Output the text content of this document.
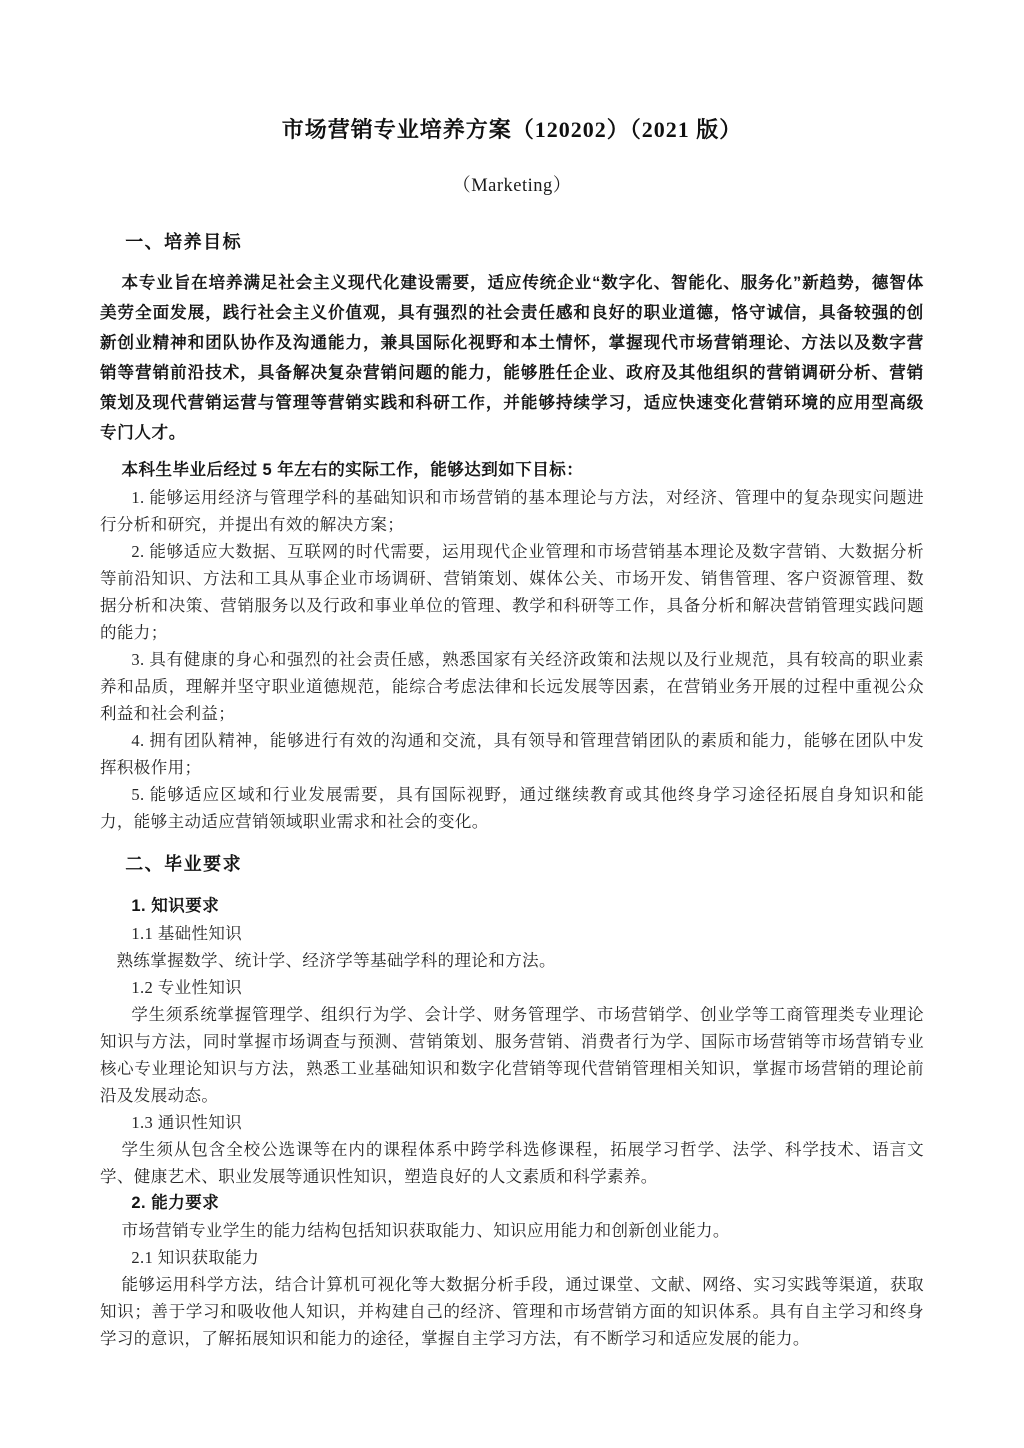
市场营销专业培养方案（120202）（2021 版）
（Marketing）
一、培养目标

本专业旨在培养满足社会主义现代化建设需要，适应传统企业“数字化、智能化、服务化”新趋势，德智体美劳全面发展，践行社会主义价值观，具有强烈的社会责任感和良好的职业道德，恪守诚信，具备较强的创新创业精神和团队协作及沟通能力，兼具国际化视野和本土情怀，掌握现代市场营销理论、方法以及数字营销等营销前沿技术，具备解决复杂营销问题的能力，能够胜任企业、政府及其他组织的营销调研分析、营销策划及现代营销运营与管理等营销实践和科研工作，并能够持续学习，适应快速变化营销环境的应用型高级专门人才。

本科生毕业后经过 5 年左右的实际工作，能够达到如下目标：

1. 能够运用经济与管理学科的基础知识和市场营销的基本理论与方法，对经济、管理中的复杂现实问题进行分析和研究，并提出有效的解决方案；

2. 能够适应大数据、互联网的时代需要，运用现代企业管理和市场营销基本理论及数字营销、大数据分析等前沿知识、方法和工具从事企业市场调研、营销策划、媒体公关、市场开发、销售管理、客户资源管理、数据分析和决策、营销服务以及行政和事业单位的管理、教学和科研等工作，具备分析和解决营销管理实践问题的能力；

3. 具有健康的身心和强烈的社会责任感，熟悉国家有关经济政策和法规以及行业规范，具有较高的职业素养和品质，理解并坚守职业道德规范，能综合考虑法律和长远发展等因素，在营销业务开展的过程中重视公众利益和社会利益；

4. 拥有团队精神，能够进行有效的沟通和交流，具有领导和管理营销团队的素质和能力，能够在团队中发挥积极作用；

5. 能够适应区域和行业发展需要，具有国际视野，通过继续教育或其他终身学习途径拓展自身知识和能力，能够主动适应营销领域职业需求和社会的变化。

二、毕业要求

1. 知识要求

1.1 基础性知识

熟练掌握数学、统计学、经济学等基础学科的理论和方法。

1.2 专业性知识

学生须系统掌握管理学、组织行为学、会计学、财务管理学、市场营销学、创业学等工商管理类专业理论知识与方法，同时掌握市场调查与预测、营销策划、服务营销、消费者行为学、国际市场营销等市场营销专业核心专业理论知识与方法，熟悉工业基础知识和数字化营销等现代营销管理相关知识，掌握市场营销的理论前沿及发展动态。

1.3 通识性知识

学生须从包含全校公选课等在内的课程体系中跨学科选修课程，拓展学习哲学、法学、科学技术、语言文学、健康艺术、职业发展等通识性知识，塑造良好的人文素质和科学素养。

2. 能力要求

市场营销专业学生的能力结构包括知识获取能力、知识应用能力和创新创业能力。

2.1 知识获取能力

能够运用科学方法，结合计算机可视化等大数据分析手段，通过课堂、文献、网络、实习实践等渠道，获取知识；善于学习和吸收他人知识，并构建自己的经济、管理和市场营销方面的知识体系。具有自主学习和终身学习的意识，了解拓展知识和能力的途径，掌握自主学习方法，有不断学习和适应发展的能力。
